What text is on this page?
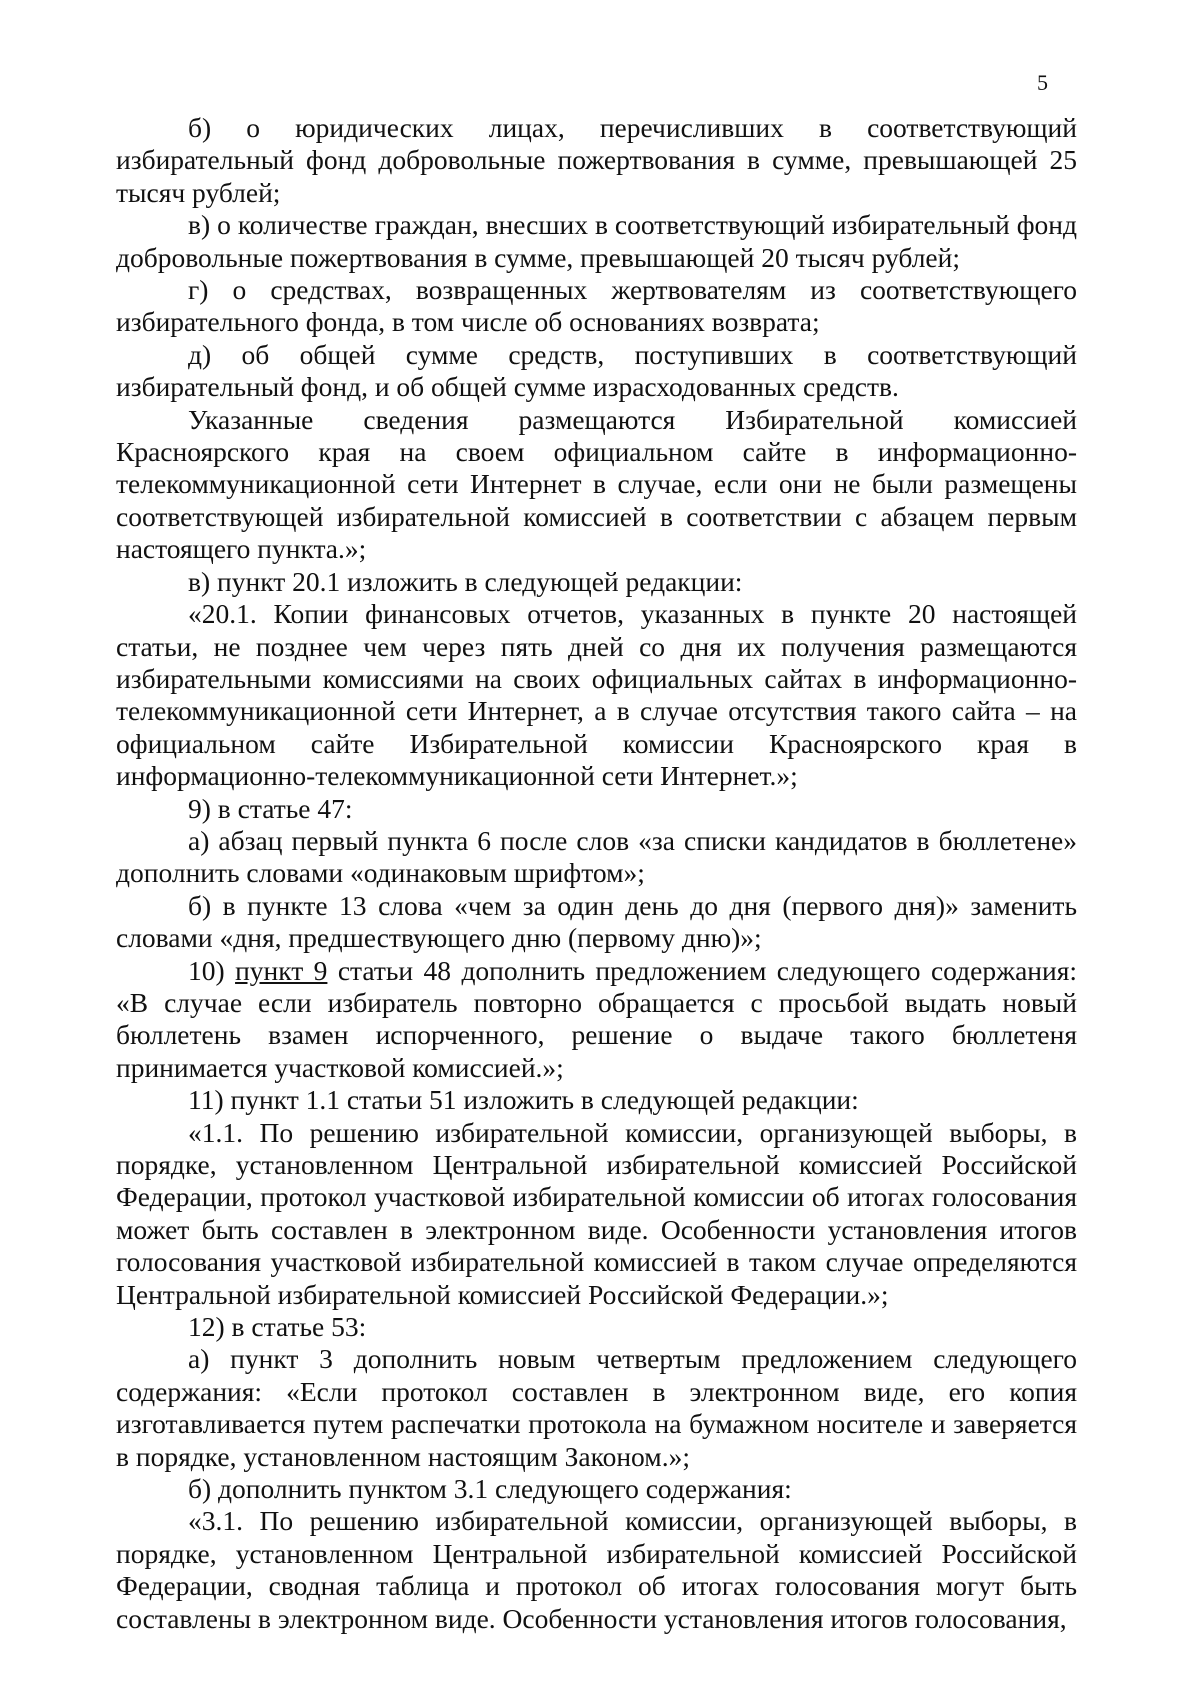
5

б) о юридических лицах, перечисливших в соответствующий избирательный фонд добровольные пожертвования в сумме, превышающей 25 тысяч рублей;

в) о количестве граждан, внесших в соответствующий избирательный фонд добровольные пожертвования в сумме, превышающей 20 тысяч рублей;

г) о средствах, возвращенных жертвователям из соответствующего избирательного фонда, в том числе об основаниях возврата;

д) об общей сумме средств, поступивших в соответствующий избирательный фонд, и об общей сумме израсходованных средств.

Указанные сведения размещаются Избирательной комиссией Красноярского края на своем официальном сайте в информационно-телекоммуникационной сети Интернет в случае, если они не были размещены соответствующей избирательной комиссией в соответствии с абзацем первым настоящего пункта.»;

в) пункт 20.1 изложить в следующей редакции:

«20.1. Копии финансовых отчетов, указанных в пункте 20 настоящей статьи, не позднее чем через пять дней со дня их получения размещаются избирательными комиссиями на своих официальных сайтах в информационно-телекоммуникационной сети Интернет, а в случае отсутствия такого сайта – на официальном сайте Избирательной комиссии Красноярского края в информационно-телекоммуникационной сети Интернет.»;

9) в статье 47:

а) абзац первый пункта 6 после слов «за списки кандидатов в бюллетене» дополнить словами «одинаковым шрифтом»;

б) в пункте 13 слова «чем за один день до дня (первого дня)» заменить словами «дня, предшествующего дню (первому дню)»;

10) пункт 9 статьи 48 дополнить предложением следующего содержания: «В случае если избиратель повторно обращается с просьбой выдать новый бюллетень взамен испорченного, решение о выдаче такого бюллетеня принимается участковой комиссией.»;

11) пункт 1.1 статьи 51 изложить в следующей редакции:

«1.1. По решению избирательной комиссии, организующей выборы, в порядке, установленном Центральной избирательной комиссией Российской Федерации, протокол участковой избирательной комиссии об итогах голосования может быть составлен в электронном виде. Особенности установления итогов голосования участковой избирательной комиссией в таком случае определяются Центральной избирательной комиссией Российской Федерации.»;

12) в статье 53:

а) пункт 3 дополнить новым четвертым предложением следующего содержания: «Если протокол составлен в электронном виде, его копия изготавливается путем распечатки протокола на бумажном носителе и заверяется в порядке, установленном настоящим Законом.»;

б) дополнить пунктом 3.1 следующего содержания:

«3.1. По решению избирательной комиссии, организующей выборы, в порядке, установленном Центральной избирательной комиссией Российской Федерации, сводная таблица и протокол об итогах голосования могут быть составлены в электронном виде. Особенности установления итогов голосования,
